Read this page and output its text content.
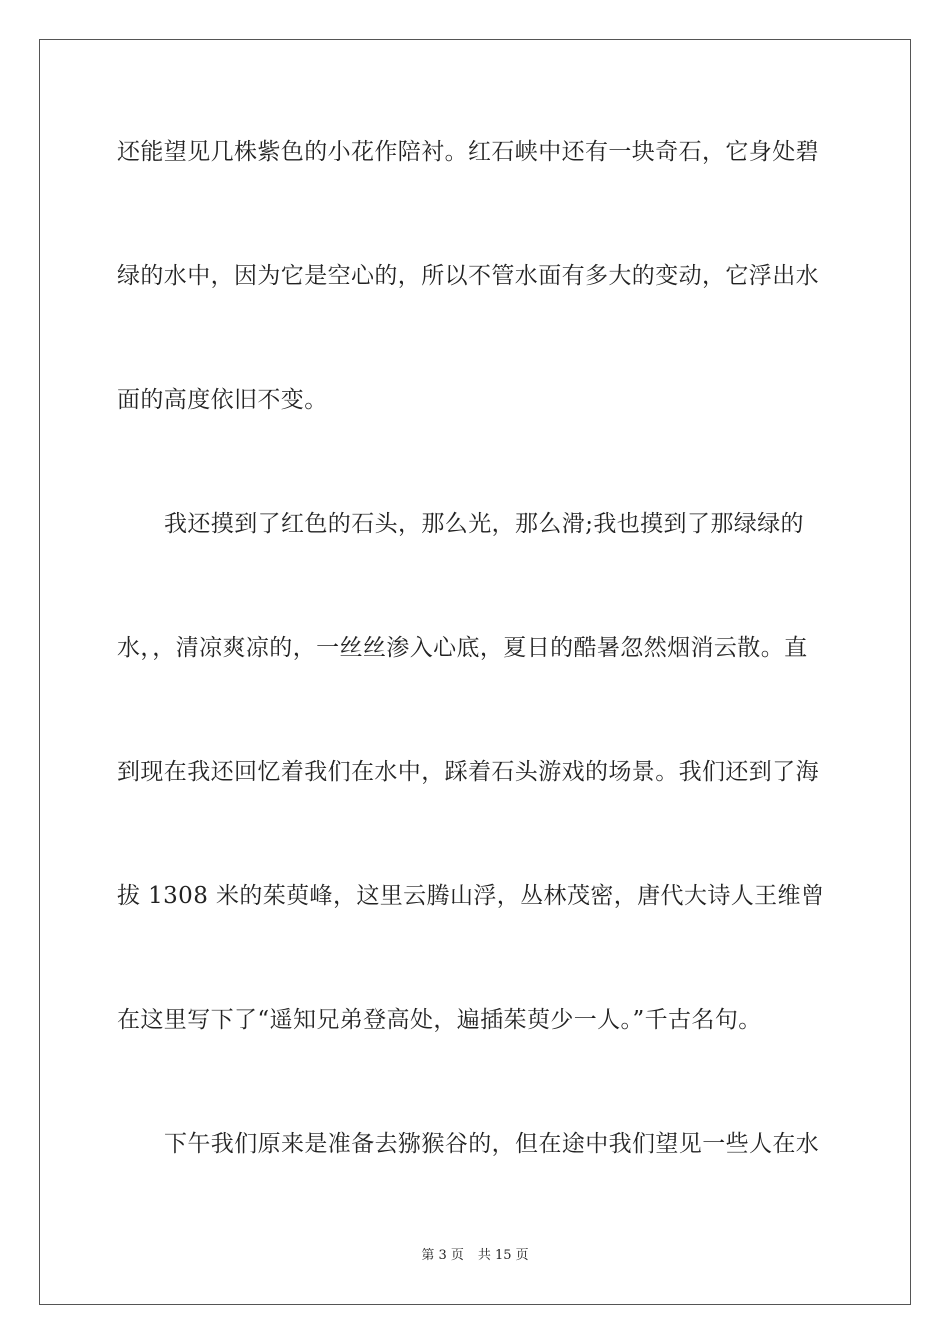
还能望见几株紫色的小花作陪衬。红石峡中还有一块奇石，它身处碧
绿的水中，因为它是空心的，所以不管水面有多大的变动，它浮出水
面的高度依旧不变。
我还摸到了红色的石头，那么光，那么滑;我也摸到了那绿绿的
水，，清凉爽凉的，一丝丝渗入心底，夏日的酷暑忽然烟消云散。直
到现在我还回忆着我们在水中，踩着石头游戏的场景。我们还到了海
拔 1308 米的茱萸峰，这里云腾山浮，丛林茂密，唐代大诗人王维曾
在这里写下了“遥知兄弟登高处，遍插茱萸少一人。”千古名句。
下午我们原来是准备去猕猴谷的，但在途中我们望见一些人在水
第 3 页 共 15 页
